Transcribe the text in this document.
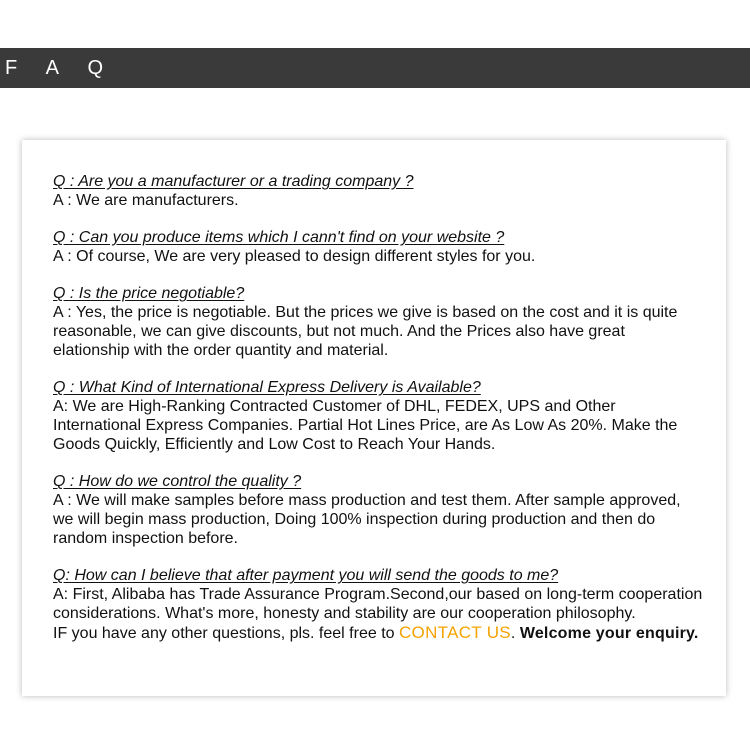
F A Q
Q : Are you a manufacturer or a trading company ?

A : We are manufacturers.

Q : Can you produce items which I cann't find on your website ?

A : Of course, We are very pleased to design different styles for you.

Q : Is the price negotiable?

A : Yes, the price is negotiable. But the prices we give is based on the cost and it is quite reasonable, we can give discounts, but not much. And the Prices also have great elationship with the order quantity and material.

Q : What Kind of International Express Delivery is Available?

A: We are High-Ranking Contracted Customer of DHL, FEDEX, UPS and Other International Express Companies. Partial Hot Lines Price, are As Low As 20%. Make the Goods Quickly, Efficiently and Low Cost to Reach Your Hands.

Q : How do we control the quality ?

A : We will make samples before mass production and test them. After sample approved, we will begin mass production, Doing 100% inspection during production and then do random inspection before.

Q: How can I believe that after payment you will send the goods to me?

A: First, Alibaba has Trade Assurance Program.Second,our based on long-term cooperation considerations. What's more, honesty and stability are our cooperation philosophy.

IF you have any other questions, pls. feel free to CONTACT US. Welcome your enquiry.
